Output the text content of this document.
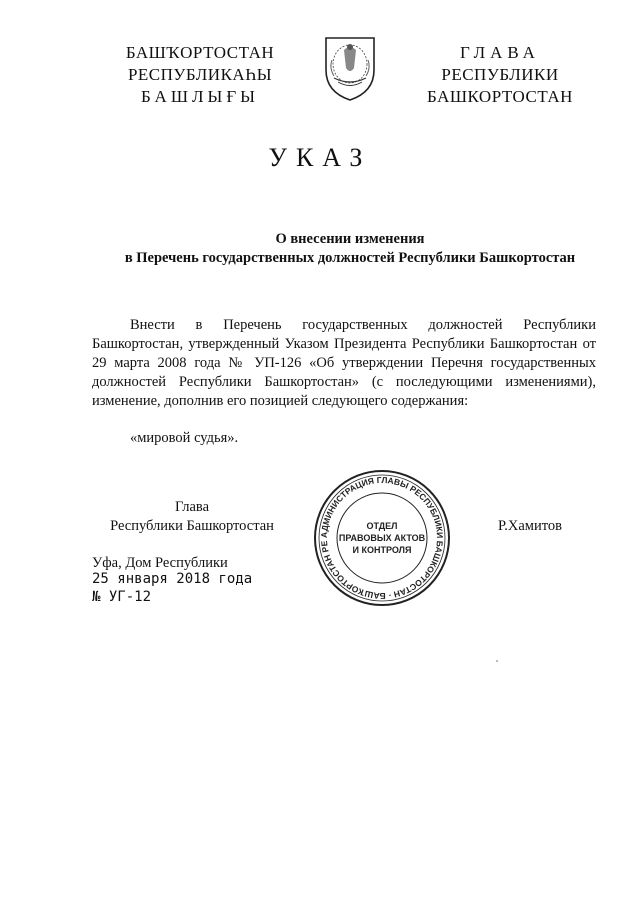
БАШҠОРТОСТАН
РЕСПУБЛИКАҺЫ
БАШЛЫҒЫ
ГЛАВА
РЕСПУБЛИКИ
БАШКОРТОСТАН
УКАЗ
О внесении изменения
в Перечень государственных должностей Республики Башкортостан
Внести в Перечень государственных должностей Республики Башкортостан, утвержденный Указом Президента Республики Башкортостан от 29 марта 2008 года № УП-126 «Об утверждении Перечня государственных должностей Республики Башкортостан» (с последующими изменениями), изменение, дополнив его позицией следующего содержания:
«мировой судья».
Глава
Республики Башкортостан	Р.Хамитов
АДМИНИСТРАЦИЯ ГЛАВЫ РЕСПУБЛИКИ БАШКОРТОСТАН · БАШҠОРТОСТАН РЕ
ОТДЕЛ
ПРАВОВЫХ АКТОВ
И КОНТРОЛЯ
Уфа, Дом Республики
25 января 2018 года
№ УГ-12
